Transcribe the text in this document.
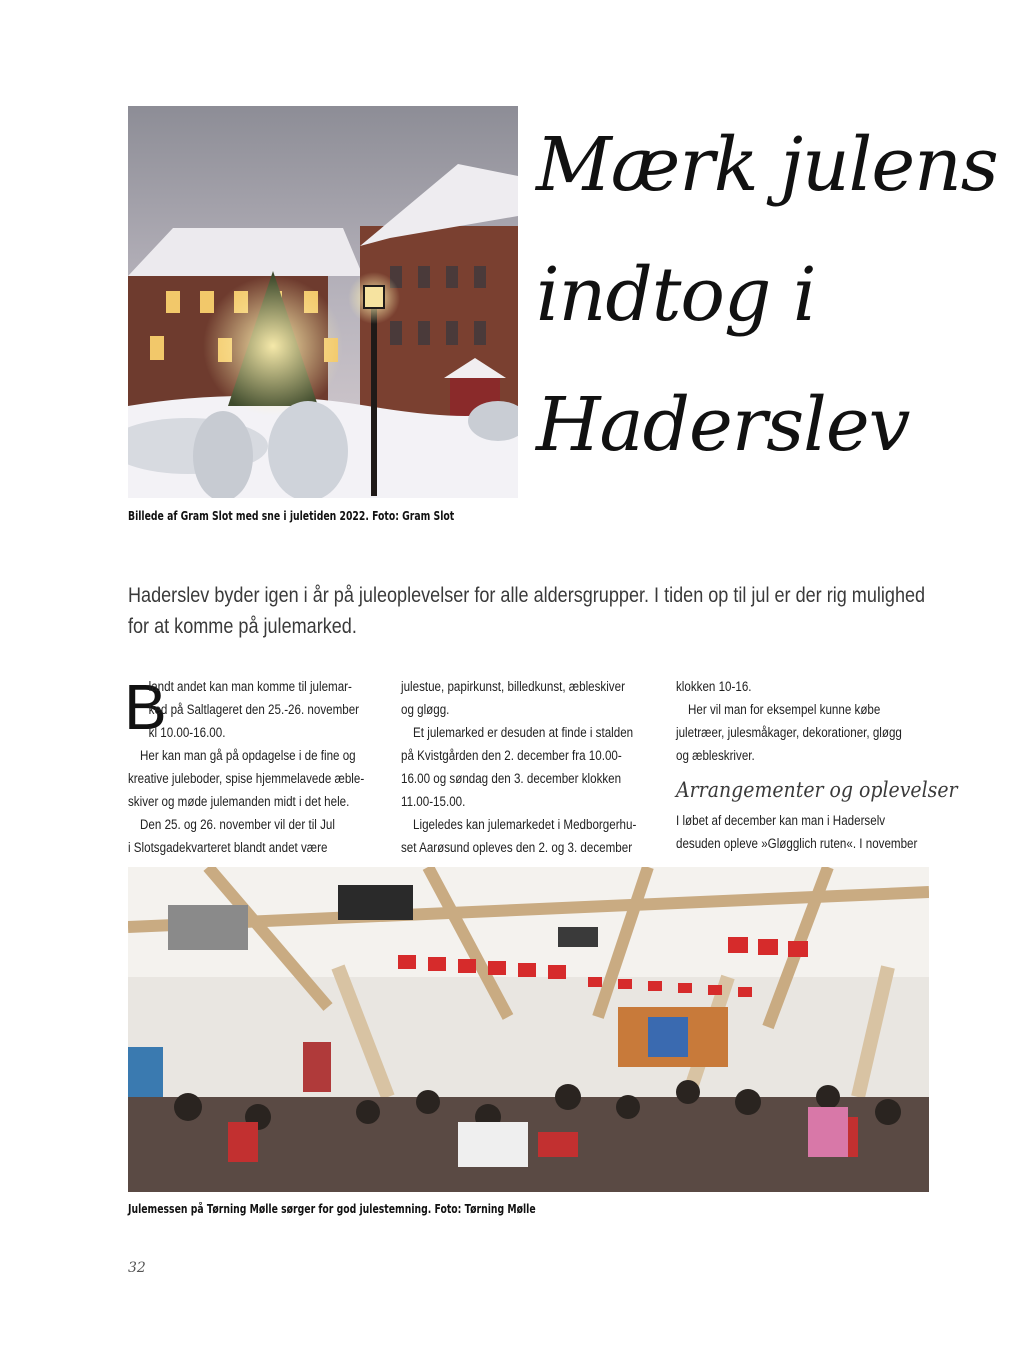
Mærk julens
indtog i
Haderslev
Billede af Gram Slot med sne i juletiden 2022. Foto: Gram Slot
Haderslev byder igen i år på juleoplevelser for alle aldersgrupper. I tiden op til jul er der rig mulighed
for at komme på julemarked.
B
landt andet kan man komme til julemar-
ked på Saltlageret den 25.-26. november
kl 10.00-16.00.
Her kan man gå på opdagelse i de fine og
kreative juleboder, spise hjemmelavede æble-
skiver og møde julemanden midt i det hele.
Den 25. og 26. november vil der til Jul
i Slotsgadekvarteret blandt andet være
julestue, papirkunst, billedkunst, æbleskiver
og gløgg.
Et julemarked er desuden at finde i stalden
på Kvistgården den 2. december fra 10.00-
16.00 og søndag den 3. december klokken
11.00-15.00.
Ligeledes kan julemarkedet i Medborgerhu-
set Aarøsund opleves den 2. og 3. december
klokken 10-16.
Her vil man for eksempel kunne købe
juletræer, julesmåkager, dekorationer, gløgg
og æbleskriver.
Arrangementer og oplevelser
I løbet af december kan man i Haderselv
desuden opleve »Gløgglich ruten«. I november
Julemessen på Tørning Mølle sørger for god julestemning. Foto: Tørning Mølle
32
